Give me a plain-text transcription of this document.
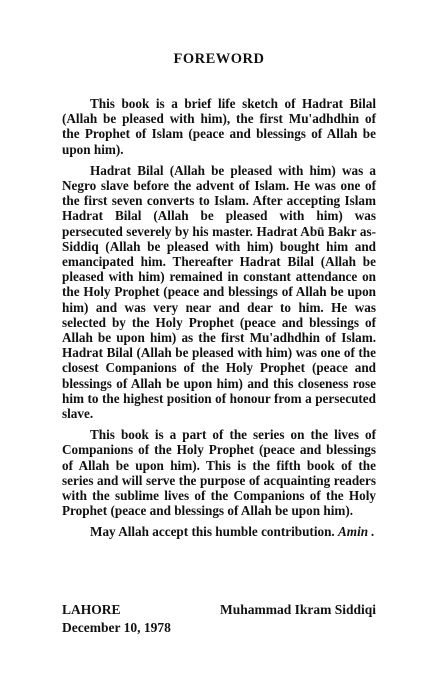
FOREWORD

This book is a brief life sketch of Hadrat Bilal (Allah be pleased with him), the first Mu'adhdhin of the Prophet of Islam (peace and blessings of Allah be upon him).

Hadrat Bilal (Allah be pleased with him) was a Negro slave before the advent of Islam. He was one of the first seven converts to Islam. After accepting Islam Hadrat Bilal (Allah be pleased with him) was persecuted severely by his master. Hadrat Abū Bakr as-Siddiq (Allah be pleased with him) bought him and emancipated him. Thereafter Hadrat Bilal (Allah be pleased with him) remained in constant attendance on the Holy Prophet (peace and blessings of Allah be upon him) and was very near and dear to him. He was selected by the Holy Prophet (peace and blessings of Allah be upon him) as the first Mu'adhdhin of Islam. Hadrat Bilal (Allah be pleased with him) was one of the closest Companions of the Holy Prophet (peace and blessings of Allah be upon him) and this closeness rose him to the highest position of honour from a persecuted slave.

This book is a part of the series on the lives of Companions of the Holy Prophet (peace and blessings of Allah be upon him). This is the fifth book of the series and will serve the purpose of acquainting readers with the sublime lives of the Companions of the Holy Prophet (peace and blessings of Allah be upon him).

May Allah accept this humble contribution. Amin .

LAHORE	Muhammad Ikram Siddiqi
December 10, 1978
